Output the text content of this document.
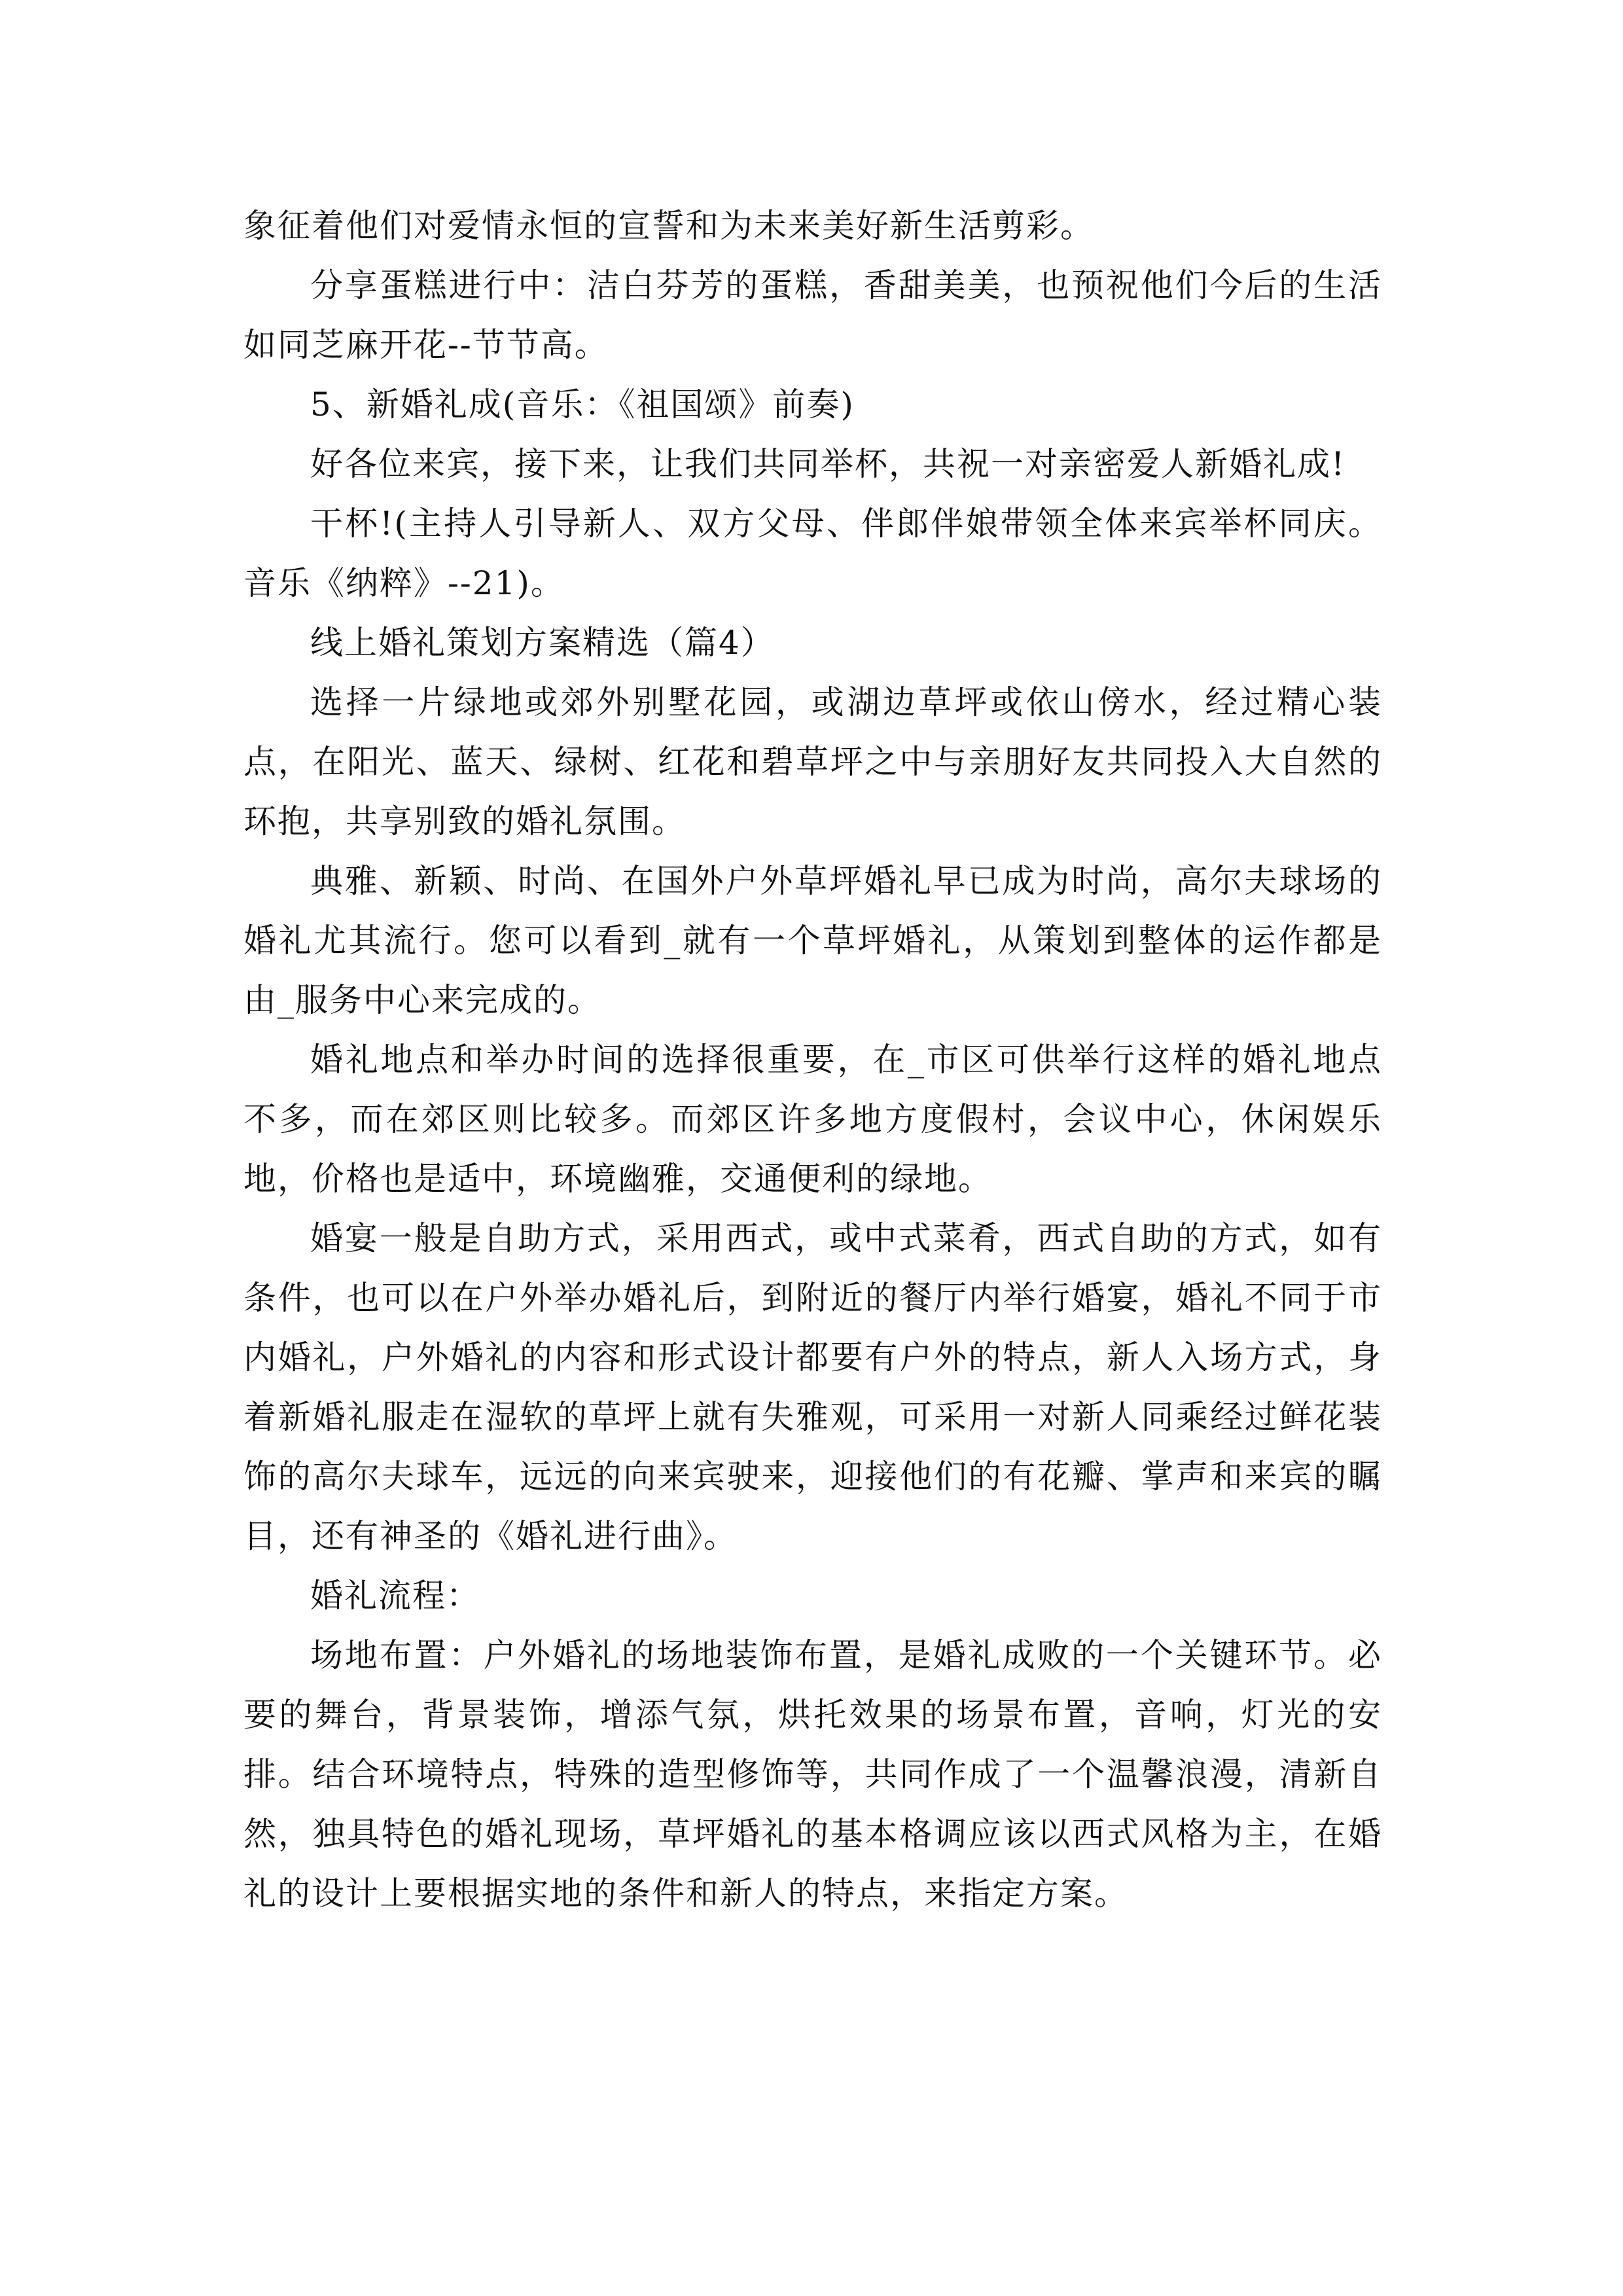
象征着他们对爱情永恒的宣誓和为未来美好新生活剪彩。

分享蛋糕进行中：洁白芬芳的蛋糕，香甜美美，也预祝他们今后的生活如同芝麻开花--节节高。

5、新婚礼成(音乐：《祖国颂》前奏)

好各位来宾，接下来，让我们共同举杯，共祝一对亲密爱人新婚礼成!

干杯!(主持人引导新人、双方父母、伴郎伴娘带领全体来宾举杯同庆。音乐《纳粹》--21)。

线上婚礼策划方案精选（篇4）

选择一片绿地或郊外别墅花园，或湖边草坪或依山傍水，经过精心装点，在阳光、蓝天、绿树、红花和碧草坪之中与亲朋好友共同投入大自然的环抱，共享别致的婚礼氛围。

典雅、新颖、时尚、在国外户外草坪婚礼早已成为时尚，高尔夫球场的婚礼尤其流行。您可以看到_就有一个草坪婚礼，从策划到整体的运作都是由_服务中心来完成的。

婚礼地点和举办时间的选择很重要，在_市区可供举行这样的婚礼地点不多，而在郊区则比较多。而郊区许多地方度假村，会议中心，休闲娱乐地，价格也是适中，环境幽雅，交通便利的绿地。

婚宴一般是自助方式，采用西式，或中式菜肴，西式自助的方式，如有条件，也可以在户外举办婚礼后，到附近的餐厅内举行婚宴，婚礼不同于市内婚礼，户外婚礼的内容和形式设计都要有户外的特点，新人入场方式，身着新婚礼服走在湿软的草坪上就有失雅观，可采用一对新人同乘经过鲜花装饰的高尔夫球车，远远的向来宾驶来，迎接他们的有花瓣、掌声和来宾的瞩目，还有神圣的《婚礼进行曲》。

婚礼流程：

场地布置：户外婚礼的场地装饰布置，是婚礼成败的一个关键环节。必要的舞台，背景装饰，增添气氛，烘托效果的场景布置，音响，灯光的安排。结合环境特点，特殊的造型修饰等，共同作成了一个温馨浪漫，清新自然，独具特色的婚礼现场，草坪婚礼的基本格调应该以西式风格为主，在婚礼的设计上要根据实地的条件和新人的特点，来指定方案。
